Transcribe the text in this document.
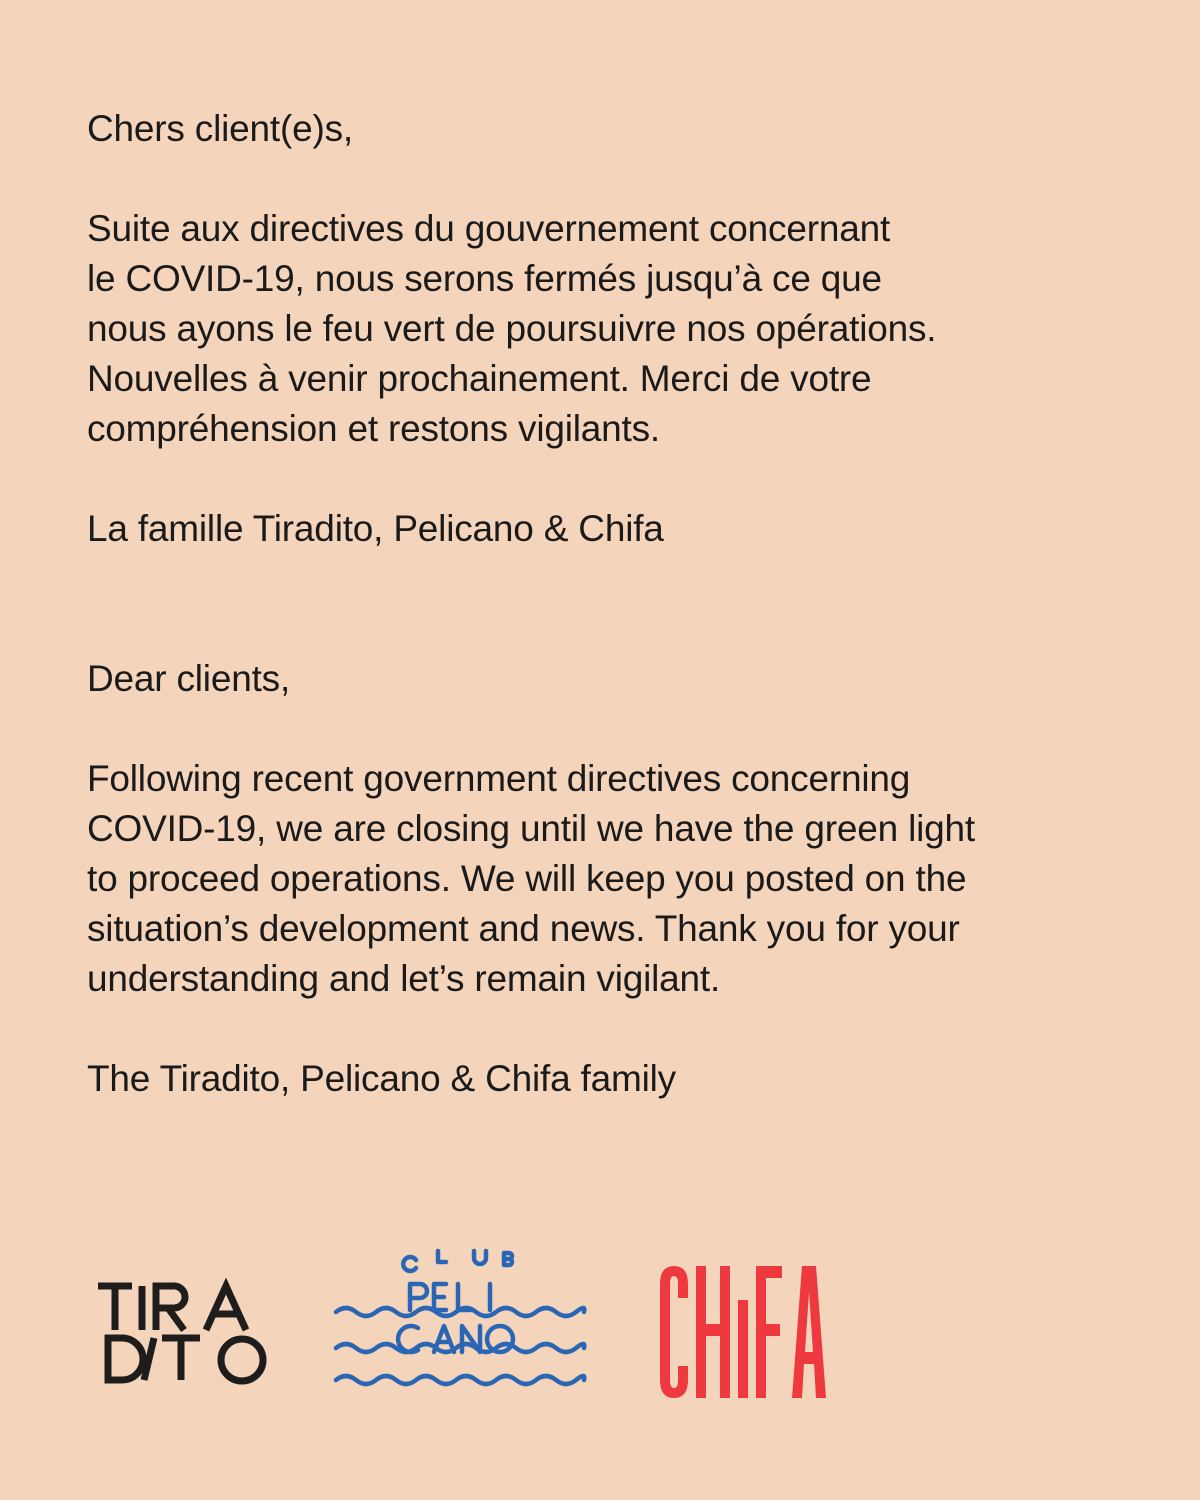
Chers client(e)s,

Suite aux directives du gouvernement concernant

le COVID-19, nous serons fermés jusqu’à ce que

nous ayons le feu vert de poursuivre nos opérations.

Nouvelles à venir prochainement. Merci de votre

compréhension et restons vigilants.

La famille Tiradito, Pelicano & Chifa

Dear clients,

Following recent government directives concerning

COVID-19, we are closing until we have the green light

to proceed operations. We will keep you posted on the

situation’s development and news. Thank you for your

understanding and let’s remain vigilant.

The Tiradito, Pelicano & Chifa family
